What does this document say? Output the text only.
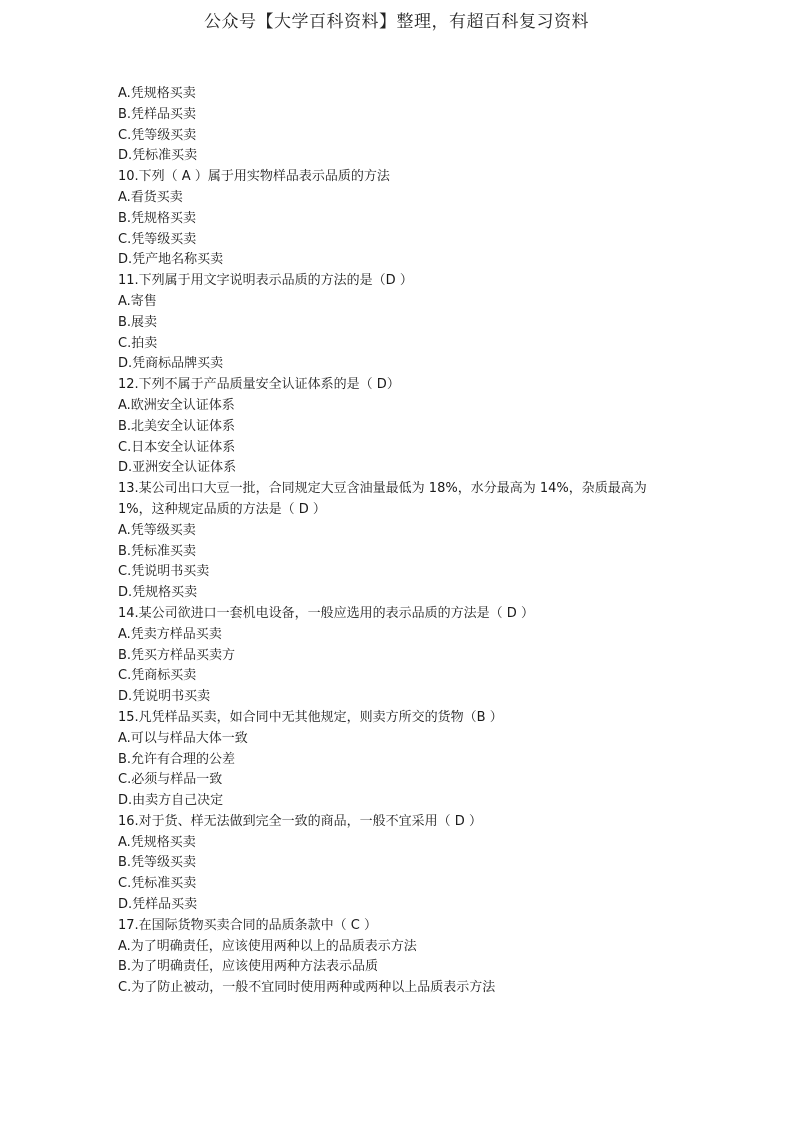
公众号【大学百科资料】整理，有超百科复习资料
A.凭规格买卖
B.凭样品买卖
C.凭等级买卖
D.凭标准买卖
10.下列（ A ）属于用实物样品表示品质的方法
A.看货买卖
B.凭规格买卖
C.凭等级买卖
D.凭产地名称买卖
11.下列属于用文字说明表示品质的方法的是（D ）
A.寄售
B.展卖
C.拍卖
D.凭商标品牌买卖
12.下列不属于产品质量安全认证体系的是（ D）
A.欧洲安全认证体系
B.北美安全认证体系
C.日本安全认证体系
D.亚洲安全认证体系
13.某公司出口大豆一批，合同规定大豆含油量最低为 18%，水分最高为 14%，杂质最高为
1%，这种规定品质的方法是（ D ）
A.凭等级买卖
B.凭标准买卖
C.凭说明书买卖
D.凭规格买卖
14.某公司欲进口一套机电设备，一般应选用的表示品质的方法是（ D ）
A.凭卖方样品买卖
B.凭买方样品买卖方
C.凭商标买卖
D.凭说明书买卖
15.凡凭样品买卖，如合同中无其他规定，则卖方所交的货物（B ）
A.可以与样品大体一致
B.允许有合理的公差
C.必须与样品一致
D.由卖方自己决定
16.对于货、样无法做到完全一致的商品，一般不宜采用（ D ）
A.凭规格买卖
B.凭等级买卖
C.凭标准买卖
D.凭样品买卖
17.在国际货物买卖合同的品质条款中（ C ）
A.为了明确责任，应该使用两种以上的品质表示方法
B.为了明确责任，应该使用两种方法表示品质
C.为了防止被动，一般不宜同时使用两种或两种以上品质表示方法
